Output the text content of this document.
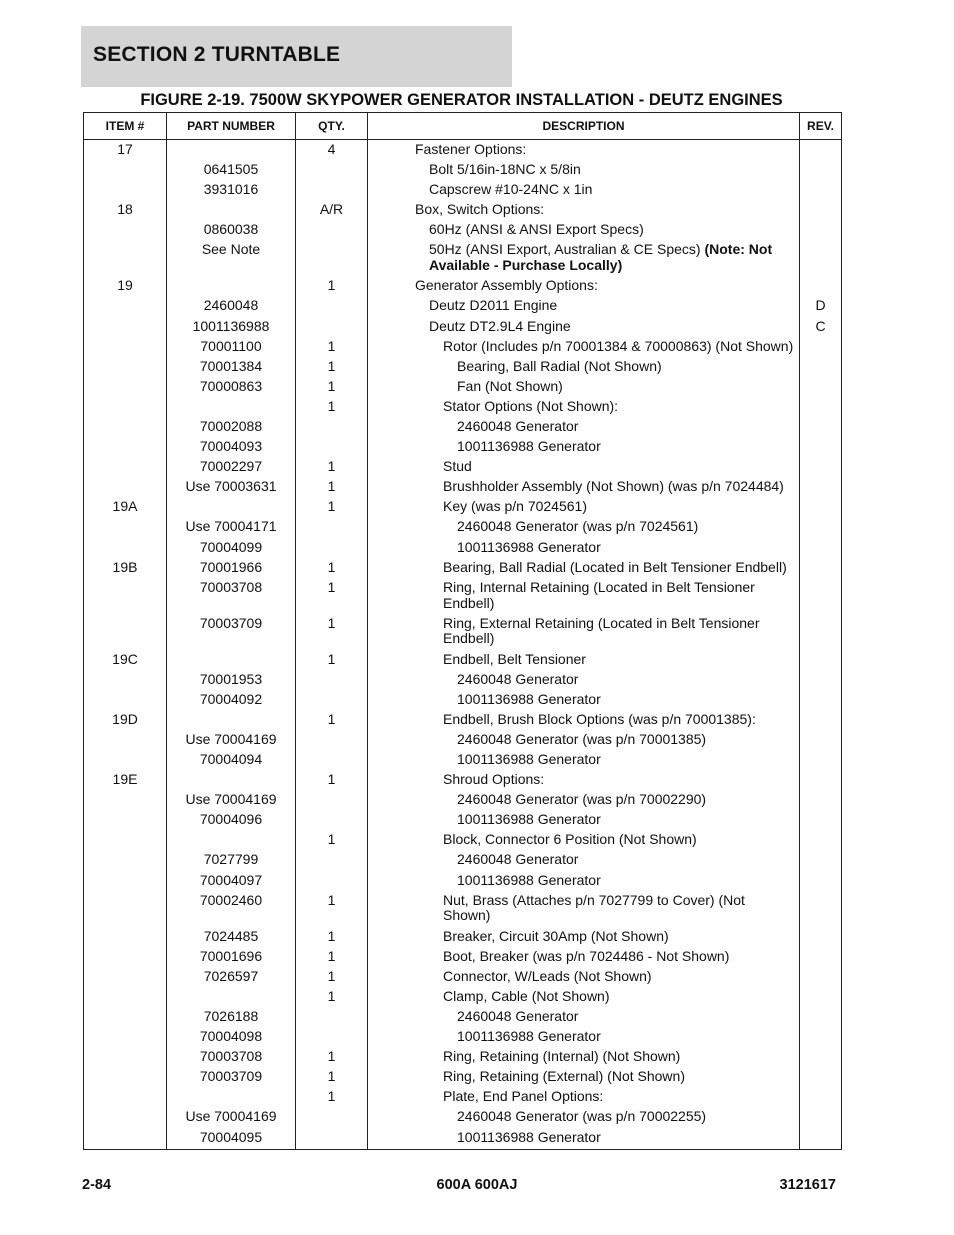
SECTION 2 TURNTABLE
FIGURE 2-19. 7500W SKYPOWER GENERATOR INSTALLATION - DEUTZ ENGINES
ITEM #	PART NUMBER	QTY.	DESCRIPTION	REV.
17		4	Fastener Options:	

	0641505		Bolt 5/16in-18NC x 5/8in	

	3931016		Capscrew #10-24NC x 1in	

18		A/R	Box, Switch Options:	

	0860038		60Hz (ANSI & ANSI Export Specs)	

	See Note		50Hz (ANSI Export, Australian & CE Specs) (Note: Not Available - Purchase Locally)	

19		1	Generator Assembly Options:	

	2460048		Deutz D2011 Engine	D
	1001136988		Deutz DT2.9L4 Engine	C
	70001100	1	Rotor (Includes p/n 70001384 & 70000863) (Not Shown)	

	70001384	1	Bearing, Ball Radial (Not Shown)	

	70000863	1	Fan (Not Shown)	

		1	Stator Options (Not Shown):	

	70002088		2460048 Generator	

	70004093		1001136988 Generator	

	70002297	1	Stud	

	Use 70003631	1	Brushholder Assembly (Not Shown) (was p/n 7024484)	

19A		1	Key (was p/n 7024561)	

	Use 70004171		2460048 Generator (was p/n 7024561)	

	70004099		1001136988 Generator	

19B	70001966	1	Bearing, Ball Radial (Located in Belt Tensioner Endbell)	

	70003708	1	Ring, Internal Retaining (Located in Belt Tensioner Endbell)	

	70003709	1	Ring, External Retaining (Located in Belt Tensioner Endbell)	

19C		1	Endbell, Belt Tensioner	

	70001953		2460048 Generator	

	70004092		1001136988 Generator	

19D		1	Endbell, Brush Block Options (was p/n 70001385):	

	Use 70004169		2460048 Generator (was p/n 70001385)	

	70004094		1001136988 Generator	

19E		1	Shroud Options:	

	Use 70004169		2460048 Generator (was p/n 70002290)	

	70004096		1001136988 Generator	

		1	Block, Connector 6 Position (Not Shown)	

	7027799		2460048 Generator	

	70004097		1001136988 Generator	

	70002460	1	Nut, Brass (Attaches p/n 7027799 to Cover) (Not Shown)	

	7024485	1	Breaker, Circuit 30Amp (Not Shown)	

	70001696	1	Boot, Breaker (was p/n 7024486 - Not Shown)	

	7026597	1	Connector, W/Leads (Not Shown)	

		1	Clamp, Cable (Not Shown)	

	7026188		2460048 Generator	

	70004098		1001136988 Generator	

	70003708	1	Ring, Retaining (Internal) (Not Shown)	

	70003709	1	Ring, Retaining (External) (Not Shown)	

		1	Plate, End Panel Options:	

	Use 70004169		2460048 Generator (was p/n 70002255)	

	70004095		1001136988 Generator	

2-84	600A 600AJ	3121617
